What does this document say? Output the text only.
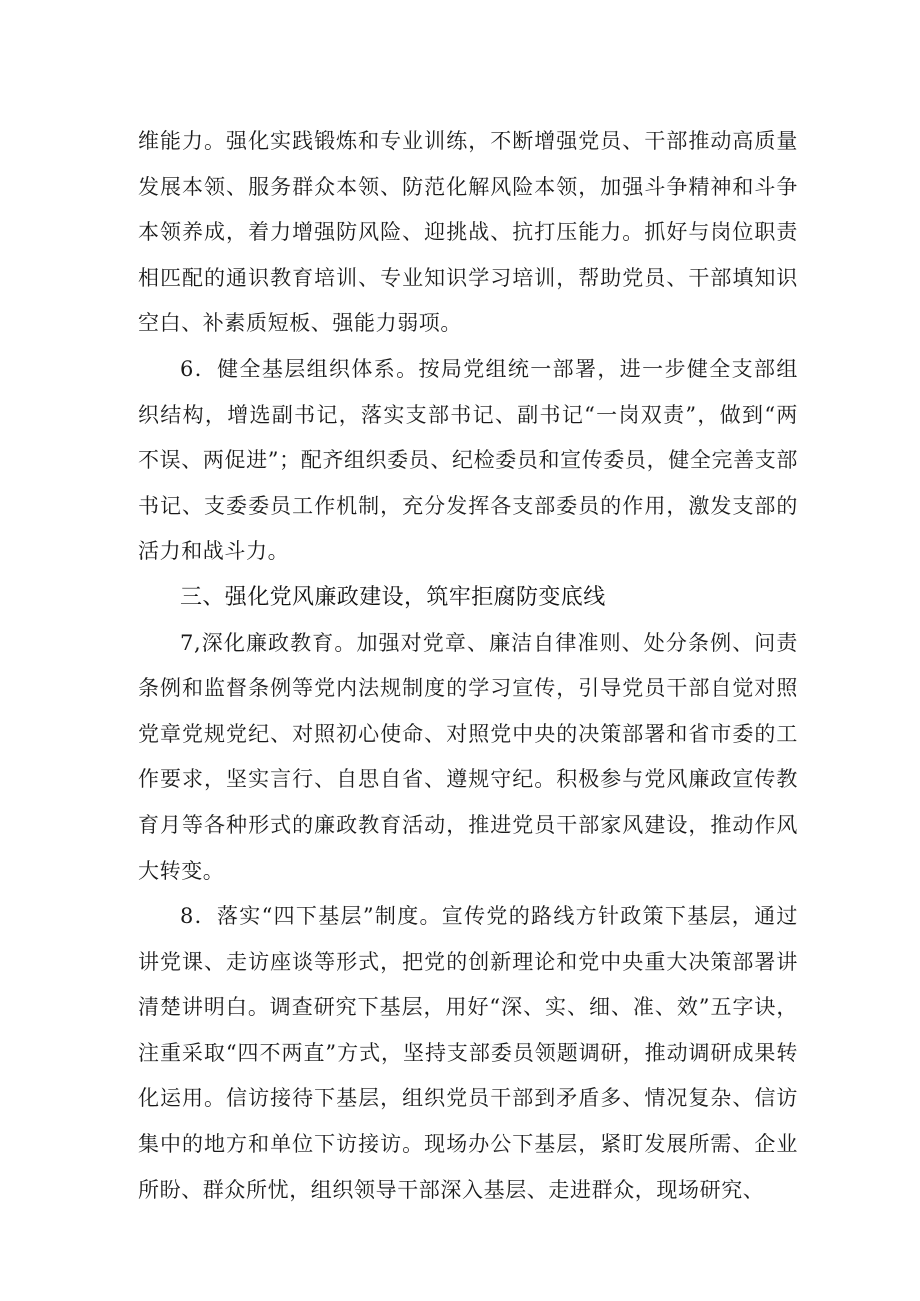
维能力。强化实践锻炼和专业训练，不断增强党员、干部推动高质量发展本领、服务群众本领、防范化解风险本领，加强斗争精神和斗争本领养成，着力增强防风险、迎挑战、抗打压能力。抓好与岗位职责相匹配的通识教育培训、专业知识学习培训，帮助党员、干部填知识空白、补素质短板、强能力弱项。

6．健全基层组织体系。按局党组统一部署，进一步健全支部组织结构，增选副书记，落实支部书记、副书记“一岗双责”，做到“两不误、两促进”；配齐组织委员、纪检委员和宣传委员，健全完善支部书记、支委委员工作机制，充分发挥各支部委员的作用，激发支部的活力和战斗力。

三、强化党风廉政建设，筑牢拒腐防变底线

7,深化廉政教育。加强对党章、廉洁自律准则、处分条例、问责条例和监督条例等党内法规制度的学习宣传，引导党员干部自觉对照党章党规党纪、对照初心使命、对照党中央的决策部署和省市委的工作要求，坚实言行、自思自省、遵规守纪。积极参与党风廉政宣传教育月等各种形式的廉政教育活动，推进党员干部家风建设，推动作风大转变。

8．落实“四下基层”制度。宣传党的路线方针政策下基层，通过讲党课、走访座谈等形式，把党的创新理论和党中央重大决策部署讲清楚讲明白。调查研究下基层，用好“深、实、细、准、效”五字诀，注重采取“四不两直”方式，坚持支部委员领题调研，推动调研成果转化运用。信访接待下基层，组织党员干部到矛盾多、情况复杂、信访集中的地方和单位下访接访。现场办公下基层，紧盯发展所需、企业所盼、群众所忧，组织领导干部深入基层、走进群众，现场研究、
